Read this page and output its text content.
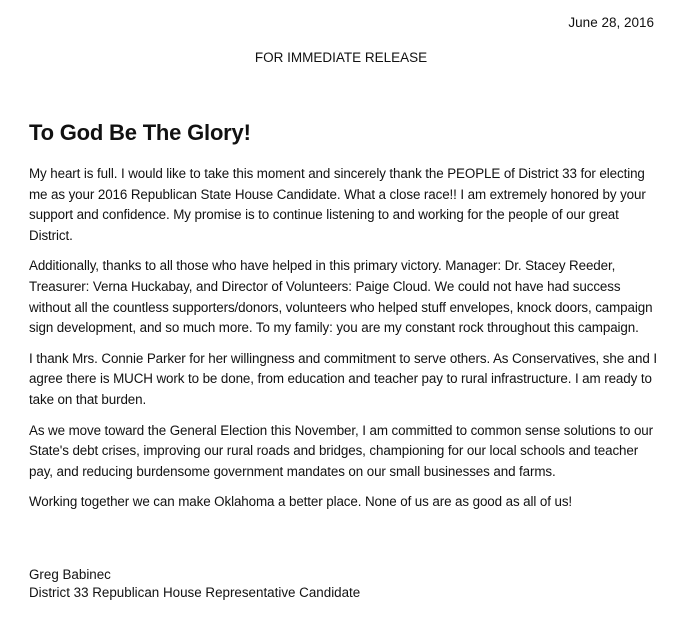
June 28, 2016
FOR IMMEDIATE RELEASE
To God Be The Glory!

My heart is full. I would like to take this moment and sincerely thank the PEOPLE of District 33 for electing me as your 2016 Republican State House Candidate. What a close race!! I am extremely honored by your support and confidence. My promise is to continue listening to and working for the people of our great District.

Additionally, thanks to all those who have helped in this primary victory. Manager: Dr. Stacey Reeder, Treasurer: Verna Huckabay, and Director of Volunteers: Paige Cloud. We could not have had success without all the countless supporters/donors, volunteers who helped stuff envelopes, knock doors, campaign sign development, and so much more. To my family: you are my constant rock throughout this campaign.

I thank Mrs. Connie Parker for her willingness and commitment to serve others. As Conservatives, she and I agree there is MUCH work to be done, from education and teacher pay to rural infrastructure. I am ready to take on that burden.

As we move toward the General Election this November, I am committed to common sense solutions to our State's debt crises, improving our rural roads and bridges, championing for our local schools and teacher pay, and reducing burdensome government mandates on our small businesses and farms.

Working together we can make Oklahoma a better place. None of us are as good as all of us!

Greg Babinec
District 33 Republican House Representative Candidate
